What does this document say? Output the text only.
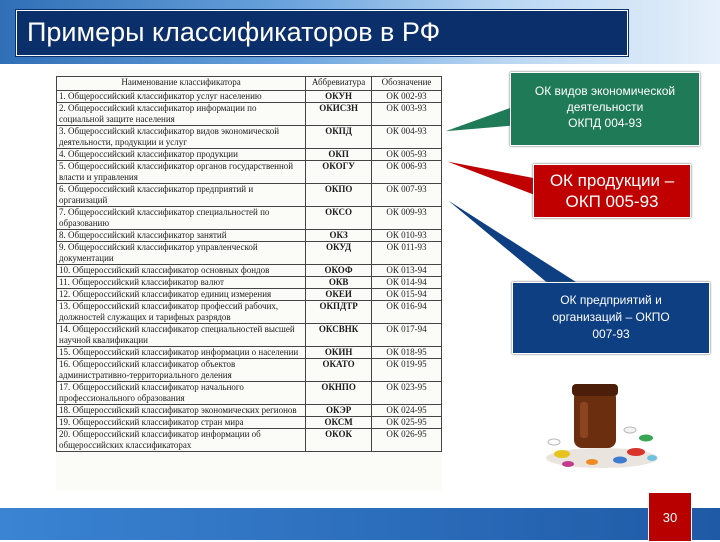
Примеры классификаторов в РФ
Наименование классификатора	Аббревиатура	Обозначение
1. Общероссийский классификатор услуг населению	ОКУН	ОК 002-93
2. Общероссийский классификатор информации по социальной защите населения	ОКИСЗН	ОК 003-93
3. Общероссийский классификатор видов экономической деятельности, продукции и услуг	ОКПД	ОК 004-93
4. Общероссийский классификатор продукции	ОКП	ОК 005-93
5. Общероссийский классификатор органов государственной власти и управления	ОКОГУ	ОК 006-93
6. Общероссийский классификатор предприятий и организаций	ОКПО	ОК 007-93
7. Общероссийский классификатор специальностей по образованию	ОКСО	ОК 009-93
8. Общероссийский классификатор занятий	ОКЗ	ОК 010-93
9. Общероссийский классификатор управленческой документации	ОКУД	ОК 011-93
10. Общероссийский классификатор основных фондов	ОКОФ	ОК 013-94
11. Общероссийский классификатор валют	ОКВ	ОК 014-94
12. Общероссийский классификатор единиц измерения	ОКЕИ	ОК 015-94
13. Общероссийский классификатор профессий рабочих, должностей служащих и тарифных разрядов	ОКПДТР	ОК 016-94
14. Общероссийский классификатор специальностей высшей научной квалификации	ОКСВНК	ОК 017-94
15. Общероссийский классификатор информации о населении	ОКИН	ОК 018-95
16. Общероссийский классификатор объектов административно-территориального деления	ОКАТО	ОК 019-95
17. Общероссийский классификатор начального профессионального образования	ОКНПО	ОК 023-95
18. Общероссийский классификатор экономических регионов	ОКЭР	ОК 024-95
19. Общероссийский классификатор стран мира	ОКСМ	ОК 025-95
20. Общероссийский классификатор информации об общероссийских классификаторах	ОКОК	ОК 026-95
ОК видов экономической
деятельности
ОКПД 004-93
ОК продукции –
ОКП 005-93
ОК предприятий и
организаций – ОКПО
007-93
30
